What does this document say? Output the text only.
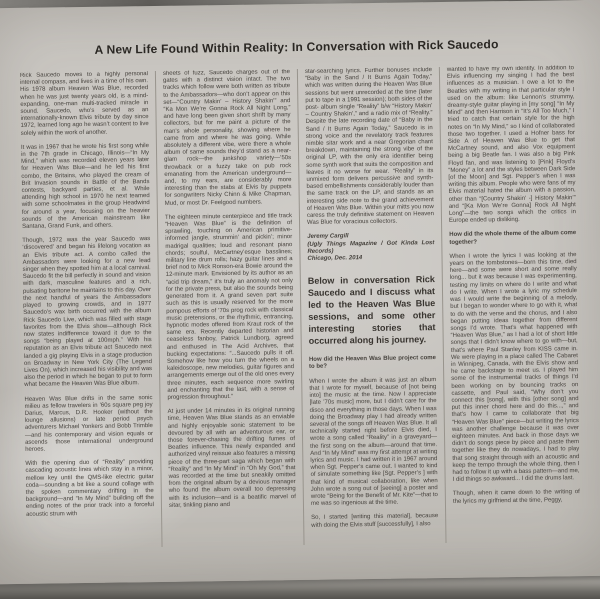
A New Life Found Within Reality: In Conversation with Rick Saucedo

Rick Saucedo moves to a highly personal internal compass, and lives in a time of his own. His 1978 album Heaven Was Blue, recorded when he was just twenty years old, is a mind-expanding, one-man multi-tracked miracle in sound. Saucedo, who’s served as an internationally-known Elvis tribute by day since 1972, learned long ago he wasn’t content to live solely within the work of another.

It was in 1967 that he wrote his first song while in the 7th grade in Chicago, Illinois—“In My Mind,” which was recorded eleven years later for Heaven Was Blue—and he led his first combo, the Britains, who played the cream of Brit Invasion sounds in Battle of the Bands contests, backyard parties, et al. While attending high school in 1970 he next teamed with some schoolmates in the group Headwind for around a year, focusing on the heavier sounds of the American mainstream like Santana, Grand Funk, and others.

Though, 1972 was the year Saucedo was ‘discovered’ and began his lifelong vocation as an Elvis tribute act. A combo called the Ambassadors were looking for a new lead singer when they spotted him at a local carnival. Saucedo fit the bill perfectly in sound and vision with dark, masculine features and a rich, pulsating baritone he maintains to this day. Over the next handful of years the Ambassadors played to growing crowds, and in 1977 Saucedo’s wax birth occurred with the album Rick Saucedo Live, which was filled with stage favorites from the Elvis show—although Rick now states indifference toward it due to the songs “being played at 100mph.” With his reputation as an Elvis tribute act Saucedo next landed a gig playing Elvis in a stage production on Broadway in New York City (The Legend Lives On), which increased his visibility and was also the period in which he began to put to form what became the Heaven Was Blue album.

Heaven Was Blue drifts in the same sonic milieu as fellow travelers in ’60s square peg joy Darius, Marcus, D.R. Hooker (without the lounge allusions) or late period psych adventurers Michael Yonkers and Bobb Trimble—and his contemporary and vision equals or ascends those international underground heroes.

With the opening duo of “Reality” providing cascading acoustic lines which stay in a minor, mellow key until the QMS-like electric guitar coda—sounding a bit like a sound collage with the spoken commentary drifting in the background—and “In My Mind” building off the ending notes of the prior track into a forceful acoustic strum with

sheets of fuzz, Saucedo charges out of the gates with a distinct vision intact. The two tracks which follow were both written as tribute to the Ambassadors—who don’t appear on this set—“Country Makin’ – History Shakin’” and “Ka Mon We’re Gonna Rock All Night Long,” and have long been given short shrift by many collectors, but for me paint a picture of the man’s whole personality, showing where he came from and where he was going. While absolutely a different vibe, were there a whole album of same sounds they’d stand as a near-glam rock—the junkshop variety—’50s throwback or a fuzzy take on pub rock emanating from the American underground—and, to my ears, are considerably more interesting than the stabs at Elvis by puppets for songwriters Nicky Chinn & Mike Chapman, Mud, or most Dr. Feelgood numbers.

The eighteen minute centerpiece and title track “Heaven Was Blue” is the definition of sprawling, touching on American primitive-informed jangle, strummin’ and pickin’; minor madrigal qualities; loud and resonant piano chords; soulful, McCartney’esque basslines; military line drum rolls; hazy guitar lines and a brief nod to Mick Ronson-era Bowie around the 12-minute mark. Envisioned by its author as an “acid trip dream,” it’s truly an anomaly not only for the private press, but also the sounds being generated from it. A grand seven part suite such as this is usually reserved for the more pompous efforts of ’70s prog rock with classical music pretensions, or the rhythmic, entrancing, hypnotic modes offered from Kraut rock of the same era. Recently departed historian and ceaseless fanboy, Patrick Lundborg, agreed and enthused in The Acid Archives, that bucking expectations: “...Saucedo pulls it off. Somehow like how you turn the wheels on a kaleidoscope, new melodies, guitar figures and arrangements emerge out of the old ones every three minutes, each sequence more swirling and enchanting that the last, with a sense of progression throughout.”

At just under 14 minutes in its original running time, Heaven Was Blue stands as an enviable and highly enjoyable sonic statement to be devoured by all with an adventurous ear, or those forever-chasing the drifting fumes of Beatles influence. This newly expanded and authorized vinyl reissue also features a missing piece of the three-part saga which began with “Reality” and “In My Mind” in “Oh My God,” that was recorded at the time but sneakily omitted from the original album by a devious manager who found the album overall too depressing with its inclusion—and is a beatific marvel of sitar, tinkling piano and

star-searching lyrics. Further bonuses include “Baby in the Sand / It Burns Again Today,” which was written during the Heaven Was Blue sessions but went unrecorded at the time (later put to tape in a 1991 session); both sides of the post- album single “Reality” b/w “History Makin’ – Country Shakin’,” and a radio mix of “Reality.” Despite the late recording date of “Baby in the Sand / It Burns Again Today,” Saucedo is in strong voice and the revelatory track features nimble sitar work and a near Gregorian chant breakdown, maintaining the strong vibe of the original LP, with the only era identifier being some synth work that suits the composition and leaves it no worse for wear. “Reality” in its unmixed form delivers percussive and synth-based embellishments considerably louder than the same track on the LP, and stands as an interesting side note to the grand achievement of Heaven Was Blue. Within your mitts you now caress the truly definitive statement on Heaven Was Blue for voracious collectors.

Jeremy Cargill
(Ugly Things Magazine / Got Kinda Lost Records)
Chicago, Dec. 2014

Below in conversation Rick Saucedo and I discuss what led to the Heaven Was Blue sessions, and some other interesting stories that occurred along his journey.

How did the Heaven Was Blue project come to be?

When I wrote the album it was just an album that I wrote for myself, because of [not being into] the music at the time. Now I appreciate [late ’70s music] more, but I didn’t care for the disco and everything in those days. When I was doing the Broadway play I had already written several of the songs off Heaven Was Blue. It all technically started right before Elvis died, I wrote a song called “Reality” in a graveyard—the first song on the album—around that time. And “In My Mind” was my first attempt at writing lyrics and music. I had written it in 1967 around when Sgt. Pepper’s came out. I wanted to kind of simulate something like [Sgt. Pepper’s ] with that kind of musical collaboration, like when John wrote a song out of [seeing] a poster and wrote “Being for the Benefit of Mr. Kite”—that to me was so ingenious at the time.

So, I started [writing this material], because with doing the Elvis stuff [successfully], I also

wanted to have my own identity. In addition to Elvis influencing my singing I had the best influences as a musician. I owe a lot to the Beatles with my writing in that particular style I used on the album: like Lennon’s strummy, dreamy-style guitar playing in [my song] “In My Mind” and then Harrison in “It’s All Too Much,” I tried to catch that certain style for the high notes on “In My Mind,” so I kind of collaborated those two together. I used a Hofner bass for Side A of Heaven Was Blue to get that McCartney sound, and also Vox equipment being a big Beatle fan. I was also a big Pink Floyd fan, and was listening to [Pink] Floyd’s “Money” a lot and the styles between Dark Side [of the Moon] and Sgt. Pepper’s when I was writing this album. People who were fans of my Elvis material hated the album with a passion, other than “[Country Shakin’ -] History Makin’” and “[Ka Mon We’re Gonna] Rock All Night Long”—the two songs which the critics in Europe ended up disliking.

How did the whole theme of the album come together?

When I wrote the lyrics I was looking at the years on the tombstones—born this time, died here—and some were short and some really long... but it was because I was experimenting, testing my limits on where do I write and what do I write. When I wrote a lyric my schedule was I would write the beginning of a melody, but I began to wonder where to go with it, what to do with the verse and the chorus, and I also began putting ideas together from different songs I’d wrote. That’s what happened with “Heaven Was Blue,” as I had a lot of short little songs that I didn’t know where to go with—but, that’s where Paul Stanley from KISS came in. We were playing in a place called The Cabaret in Winnipeg, Canada, with the Elvis show and he came backstage to meet us. I played him some of the instrumental tracks of things I’d been working on by bouncing tracks on cassette, and Paul said, “Why don’t you connect this [song], with this [other song] and put this inner chord here and do this...,” and that’s how I came to collaborate that big “Heaven Was Blue” piece—but writing the lyrics was another challenge because it was over eighteen minutes. And back in those days we didn’t do songs piece by piece and paste them together like they do nowadays, I had to play that song straight through with an acoustic and keep the tempo through the whole thing, then I had to follow it up with a bass pattern—and me, I did things so awkward... I did the drums last.

Though, when it came down to the writing of the lyrics my girlfriend at the time, Peggy,
